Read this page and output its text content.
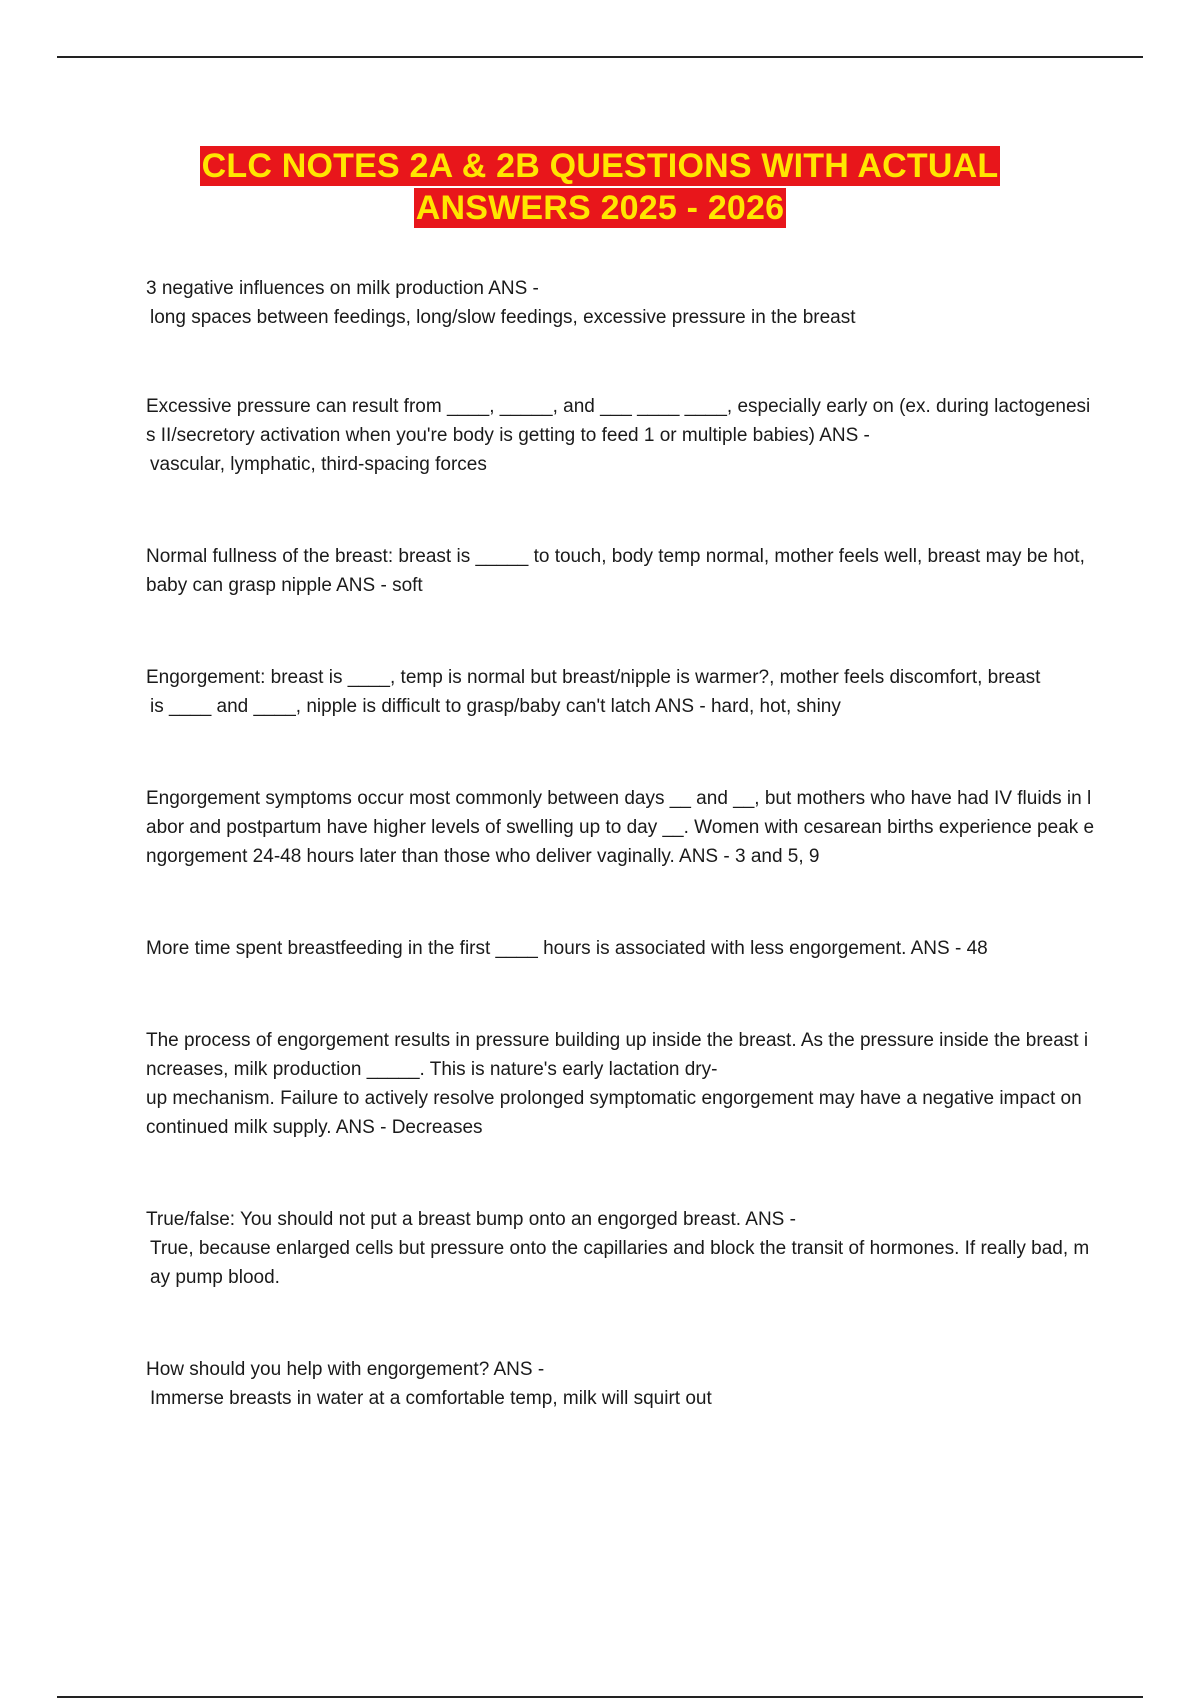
CLC NOTES 2A & 2B QUESTIONS WITH ACTUAL
ANSWERS 2025 - 2026
3 negative influences on milk production ANS -
long spaces between feedings, long/slow feedings, excessive pressure in the breast
Excessive pressure can result from ____, _____, and ___ ____ ____, especially early on (ex. during lactogenesis II/secretory activation when you're body is getting to feed 1 or multiple babies) ANS -
vascular, lymphatic, third-spacing forces
Normal fullness of the breast: breast is _____ to touch, body temp normal, mother feels well, breast may be hot, baby can grasp nipple ANS - soft
Engorgement: breast is ____, temp is normal but breast/nipple is warmer?, mother feels discomfort, breast
is ____ and ____, nipple is difficult to grasp/baby can't latch ANS - hard, hot, shiny
Engorgement symptoms occur most commonly between days __ and __, but mothers who have had IV fluids in labor and postpartum have higher levels of swelling up to day __. Women with cesarean births experience peak engorgement 24-48 hours later than those who deliver vaginally. ANS - 3 and 5, 9
More time spent breastfeeding in the first ____ hours is associated with less engorgement. ANS - 48
The process of engorgement results in pressure building up inside the breast. As the pressure inside the breast increases, milk production _____. This is nature's early lactation dry-
up mechanism. Failure to actively resolve prolonged symptomatic engorgement may have a negative impact on continued milk supply. ANS - Decreases
True/false: You should not put a breast bump onto an engorged breast. ANS -
True, because enlarged cells but pressure onto the capillaries and block the transit of hormones. If really bad, may pump blood.
How should you help with engorgement? ANS -
Immerse breasts in water at a comfortable temp, milk will squirt out
